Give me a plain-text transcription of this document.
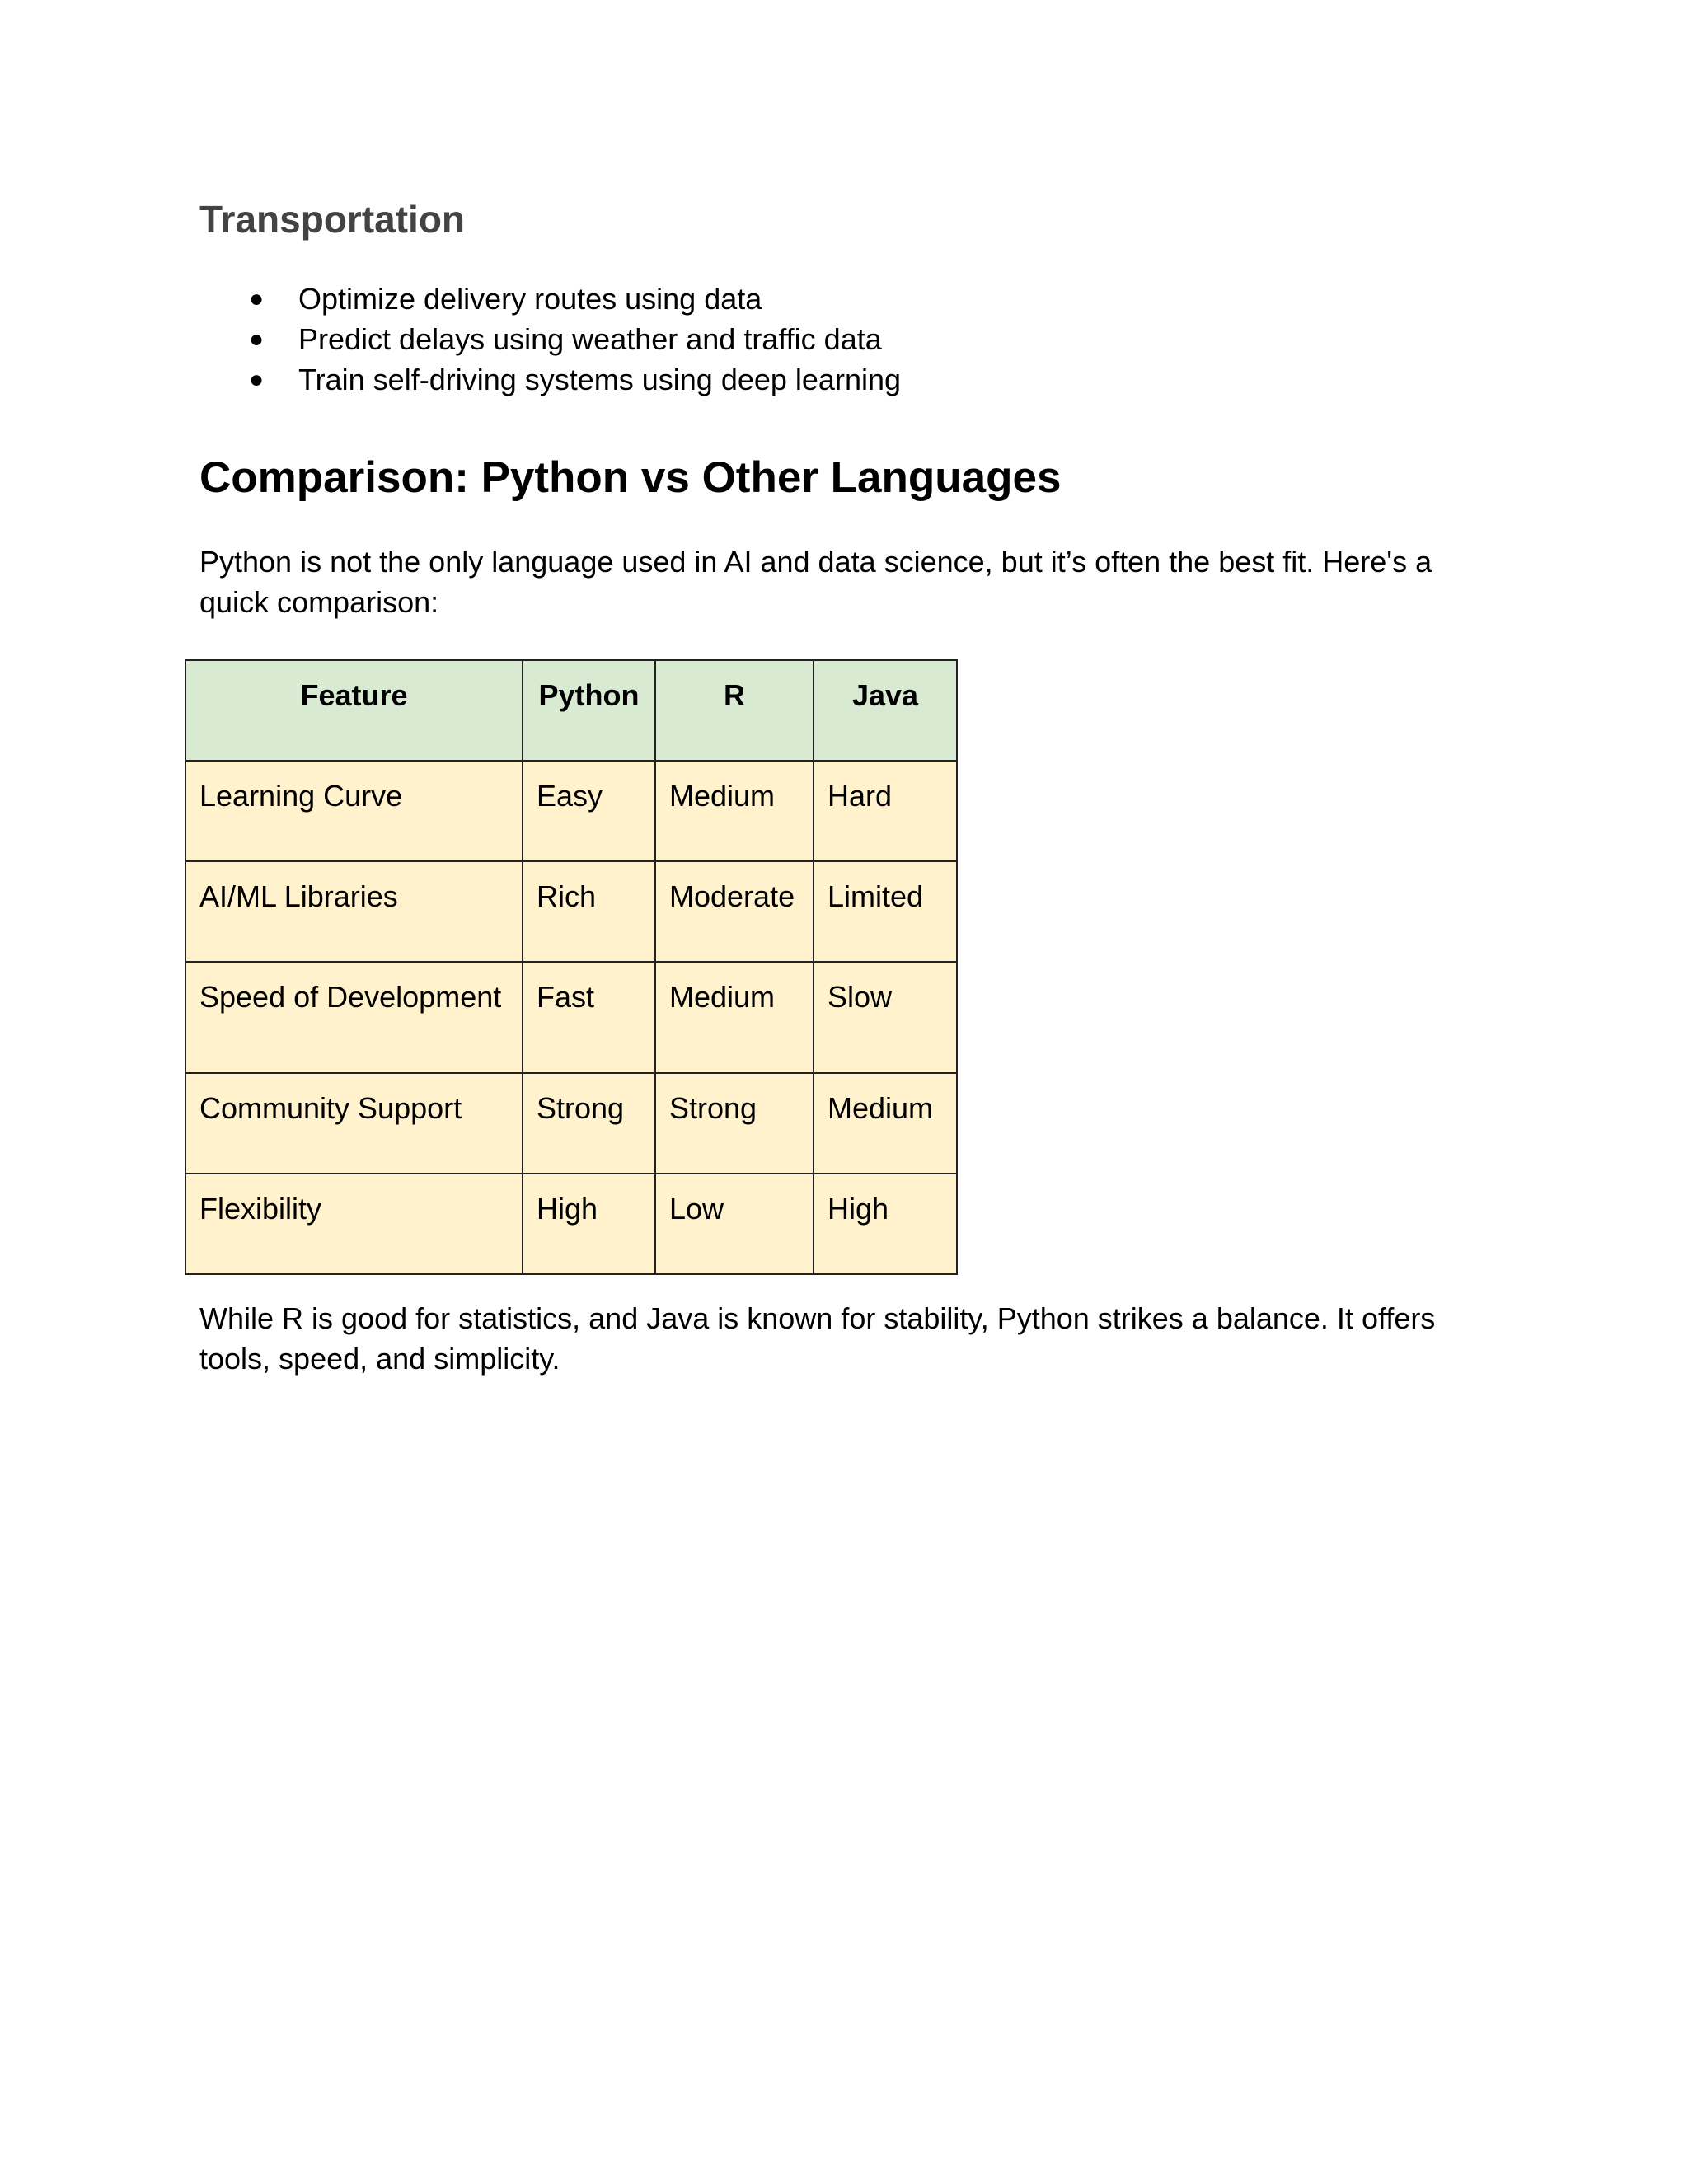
Transportation
● Optimize delivery routes using data
● Predict delays using weather and traffic data
● Train self-driving systems using deep learning
Comparison: Python vs Other Languages

Python is not the only language used in AI and data science, but it’s often the best fit. Here's a quick comparison:

Feature	Python	R	Java
Learning Curve	Easy	Medium	Hard
AI/ML Libraries	Rich	Moderate	Limited
Speed of Development	Fast	Medium	Slow
Community Support	Strong	Strong	Medium
Flexibility	High	Low	High

While R is good for statistics, and Java is known for stability, Python strikes a balance. It offers tools, speed, and simplicity.
